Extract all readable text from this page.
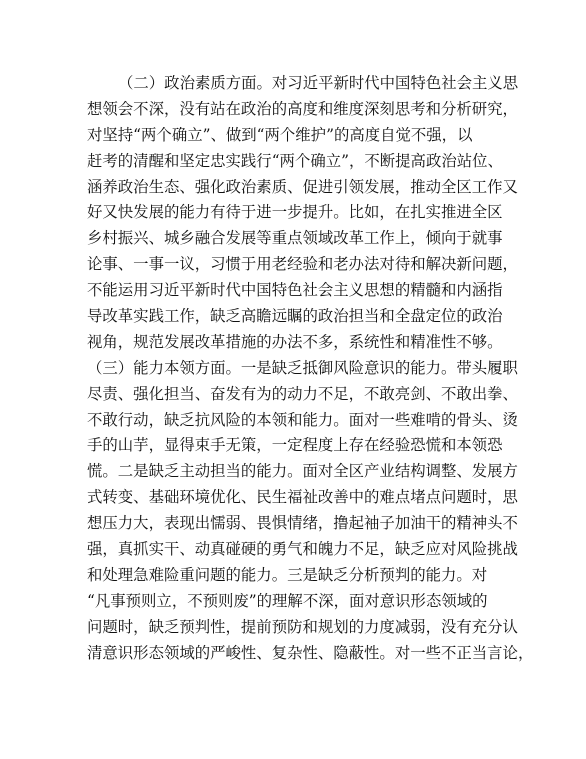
（二）政治素质方面。对习近平新时代中国特色社会主义思
想领会不深，没有站在政治的高度和维度深刻思考和分析研究，
对坚持“两个确立”、做到“两个维护”的高度自觉不强，以
赶考的清醒和坚定忠实践行“两个确立”，不断提高政治站位、
涵养政治生态、强化政治素质、促进引领发展，推动全区工作又
好又快发展的能力有待于进一步提升。比如，在扎实推进全区
乡村振兴、城乡融合发展等重点领域改革工作上，倾向于就事
论事、一事一议，习惯于用老经验和老办法对待和解决新问题，
不能运用习近平新时代中国特色社会主义思想的精髓和内涵指
导改革实践工作，缺乏高瞻远瞩的政治担当和全盘定位的政治
视角，规范发展改革措施的办法不多，系统性和精准性不够。
（三）能力本领方面。一是缺乏抵御风险意识的能力。带头履职
尽责、强化担当、奋发有为的动力不足，不敢亮剑、不敢出拳、
不敢行动，缺乏抗风险的本领和能力。面对一些难啃的骨头、烫
手的山芋，显得束手无策，一定程度上存在经验恐慌和本领恐
慌。二是缺乏主动担当的能力。面对全区产业结构调整、发展方
式转变、基础环境优化、民生福祉改善中的难点堵点问题时，思
想压力大，表现出懦弱、畏惧情绪，撸起袖子加油干的精神头不
强，真抓实干、动真碰硬的勇气和魄力不足，缺乏应对风险挑战
和处理急难险重问题的能力。三是缺乏分析预判的能力。对
“凡事预则立，不预则废”的理解不深，面对意识形态领域的
问题时，缺乏预判性，提前预防和规划的力度减弱，没有充分认
清意识形态领域的严峻性、复杂性、隐蔽性。对一些不正当言论，
